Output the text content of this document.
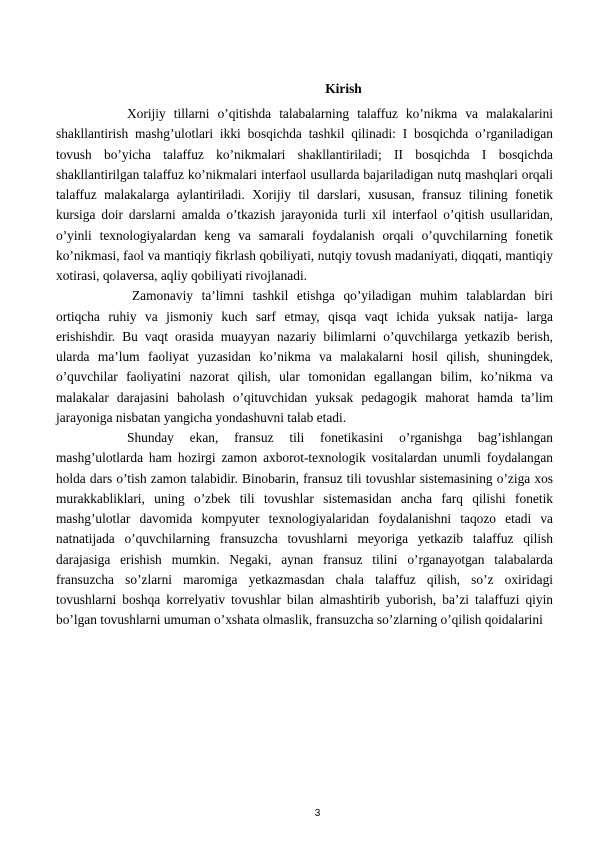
Kirish

Xorijiy tillarni o’qitishda talabalarning talaffuz ko’nikma va malakalarini shakllantirish mashg’ulotlari ikki bosqichda tashkil qilinadi: I bosqichda o’rganiladigan tovush bo’yicha talaffuz ko’nikmalari shakllantiriladi; II bosqichda I bosqichda shakllantirilgan talaffuz ko’nikmalari interfaol usullarda bajariladigan nutq mashqlari orqali talaffuz malakalarga aylantiriladi. Xorijiy til darslari, xususan, fransuz tilining fonetik kursiga doir darslarni amalda o’tkazish jarayonida turli xil interfaol o’qitish usullaridan, o’yinli texnologiyalardan keng va samarali foydalanish orqali o’quvchilarning fonetik ko’nikmasi, faol va mantiqiy fikrlash qobiliyati, nutqiy tovush madaniyati, diqqati, mantiqiy xotirasi, qolaversa, aqliy qobiliyati rivojlanadi.

Zamonaviy ta’limni tashkil etishga qo’yiladigan muhim talablardan biri ortiqcha ruhiy va jismoniy kuch sarf etmay, qisqa vaqt ichida yuksak natija- larga erishishdir. Bu vaqt orasida muayyan nazariy bilimlarni o’quvchilarga yetkazib berish, ularda ma’lum faoliyat yuzasidan ko’nikma va malakalarni hosil qilish, shuningdek, o’quvchilar faoliyatini nazorat qilish, ular tomonidan egallangan bilim, ko’nikma va malakalar darajasini baholash o’qituvchidan yuksak pedagogik mahorat hamda ta’lim jarayoniga nisbatan yangicha yondashuvni talab etadi.

Shunday ekan, fransuz tili fonetikasini o’rganishga bag’ishlangan mashg’ulotlarda ham hozirgi zamon axborot-texnologik vositalardan unumli foydalangan holda dars o’tish zamon talabidir. Binobarin, fransuz tili tovushlar sistemasining o’ziga xos murakkabliklari, uning o’zbek tili tovushlar sistemasidan ancha farq qilishi fonetik mashg’ulotlar davomida kompyuter texnologiyalaridan foydalanishni taqozo etadi va natnatijada o’quvchilarning fransuzcha tovushlarni meyoriga yetkazib talaffuz qilish darajasiga erishish mumkin. Negaki, aynan fransuz tilini o’rganayotgan talabalarda fransuzcha so’zlarni maromiga yetkazmasdan chala talaffuz qilish, so’z oxiridagi tovushlarni boshqa korrelyativ tovushlar bilan almashtirib yuborish, ba’zi talaffuzi qiyin bo’lgan tovushlarni umuman o’xshata olmaslik, fransuzcha so’zlarning o’qilish qoidalarini

3
